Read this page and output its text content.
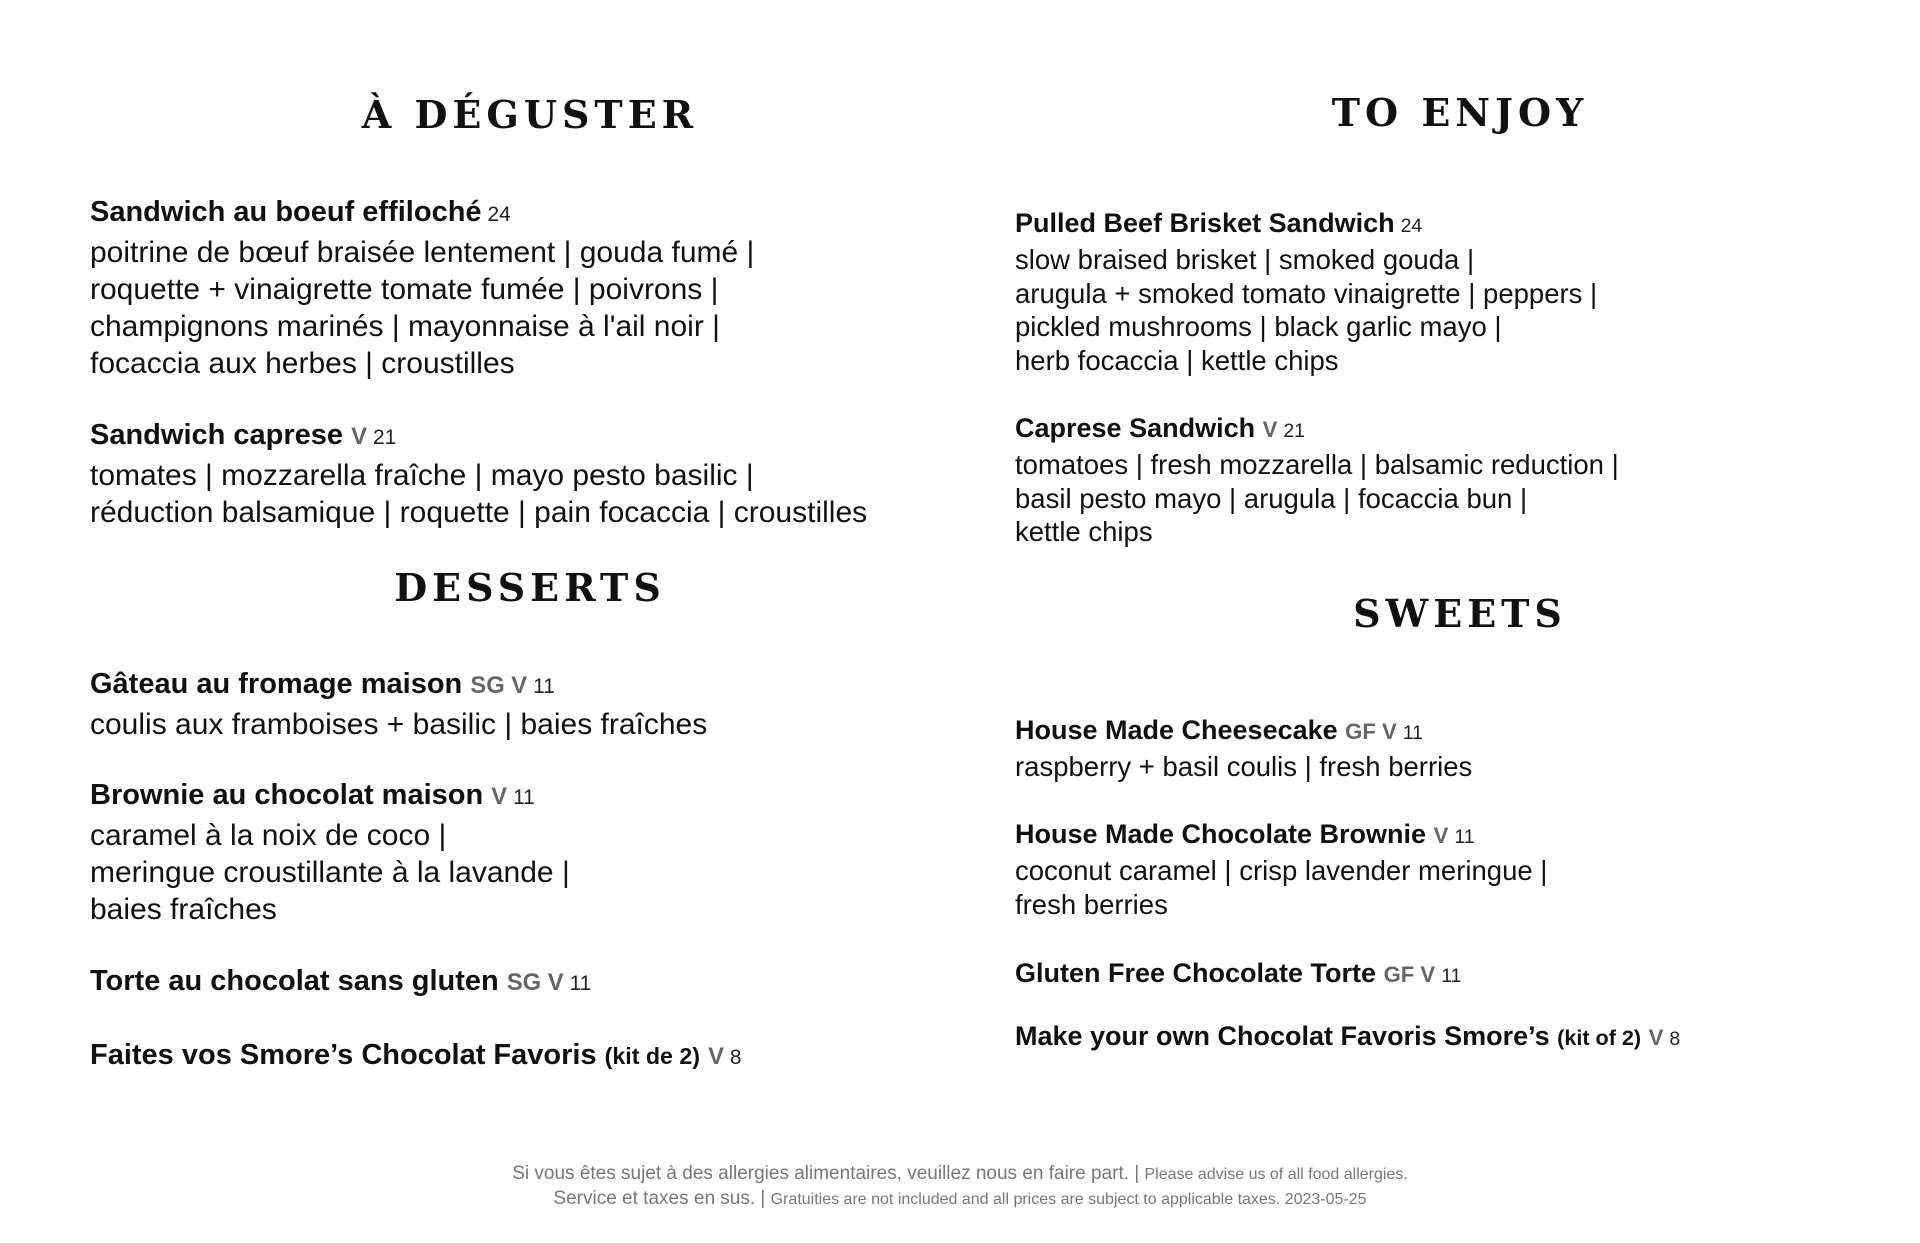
À DÉGUSTER
Sandwich au boeuf effiloché 24
poitrine de bœuf braisée lentement | gouda fumé |
roquette + vinaigrette tomate fumée | poivrons |
champignons marinés | mayonnaise à l'ail noir |
focaccia aux herbes | croustilles
Sandwich caprese V 21
tomates | mozzarella fraîche | mayo pesto basilic |
réduction balsamique | roquette | pain focaccia | croustilles
DESSERTS
Gâteau au fromage maison SG V 11
coulis aux framboises + basilic | baies fraîches
Brownie au chocolat maison V 11
caramel à la noix de coco |
meringue croustillante à la lavande |
baies fraîches
Torte au chocolat sans gluten SG V 11
Faites vos Smore’s Chocolat Favoris (kit de 2) V 8
TO ENJOY
Pulled Beef Brisket Sandwich 24
slow braised brisket | smoked gouda |
arugula + smoked tomato vinaigrette | peppers |
pickled mushrooms | black garlic mayo |
herb focaccia | kettle chips
Caprese Sandwich V 21
tomatoes | fresh mozzarella | balsamic reduction |
basil pesto mayo | arugula | focaccia bun |
kettle chips
SWEETS
House Made Cheesecake GF V 11
raspberry + basil coulis | fresh berries
House Made Chocolate Brownie V 11
coconut caramel | crisp lavender meringue |
fresh berries
Gluten Free Chocolate Torte GF V 11
Make your own Chocolat Favoris Smore’s (kit of 2) V 8
Si vous êtes sujet à des allergies alimentaires, veuillez nous en faire part. | Please advise us of all food allergies.
Service et taxes en sus. | Gratuities are not included and all prices are subject to applicable taxes. 2023-05-25
